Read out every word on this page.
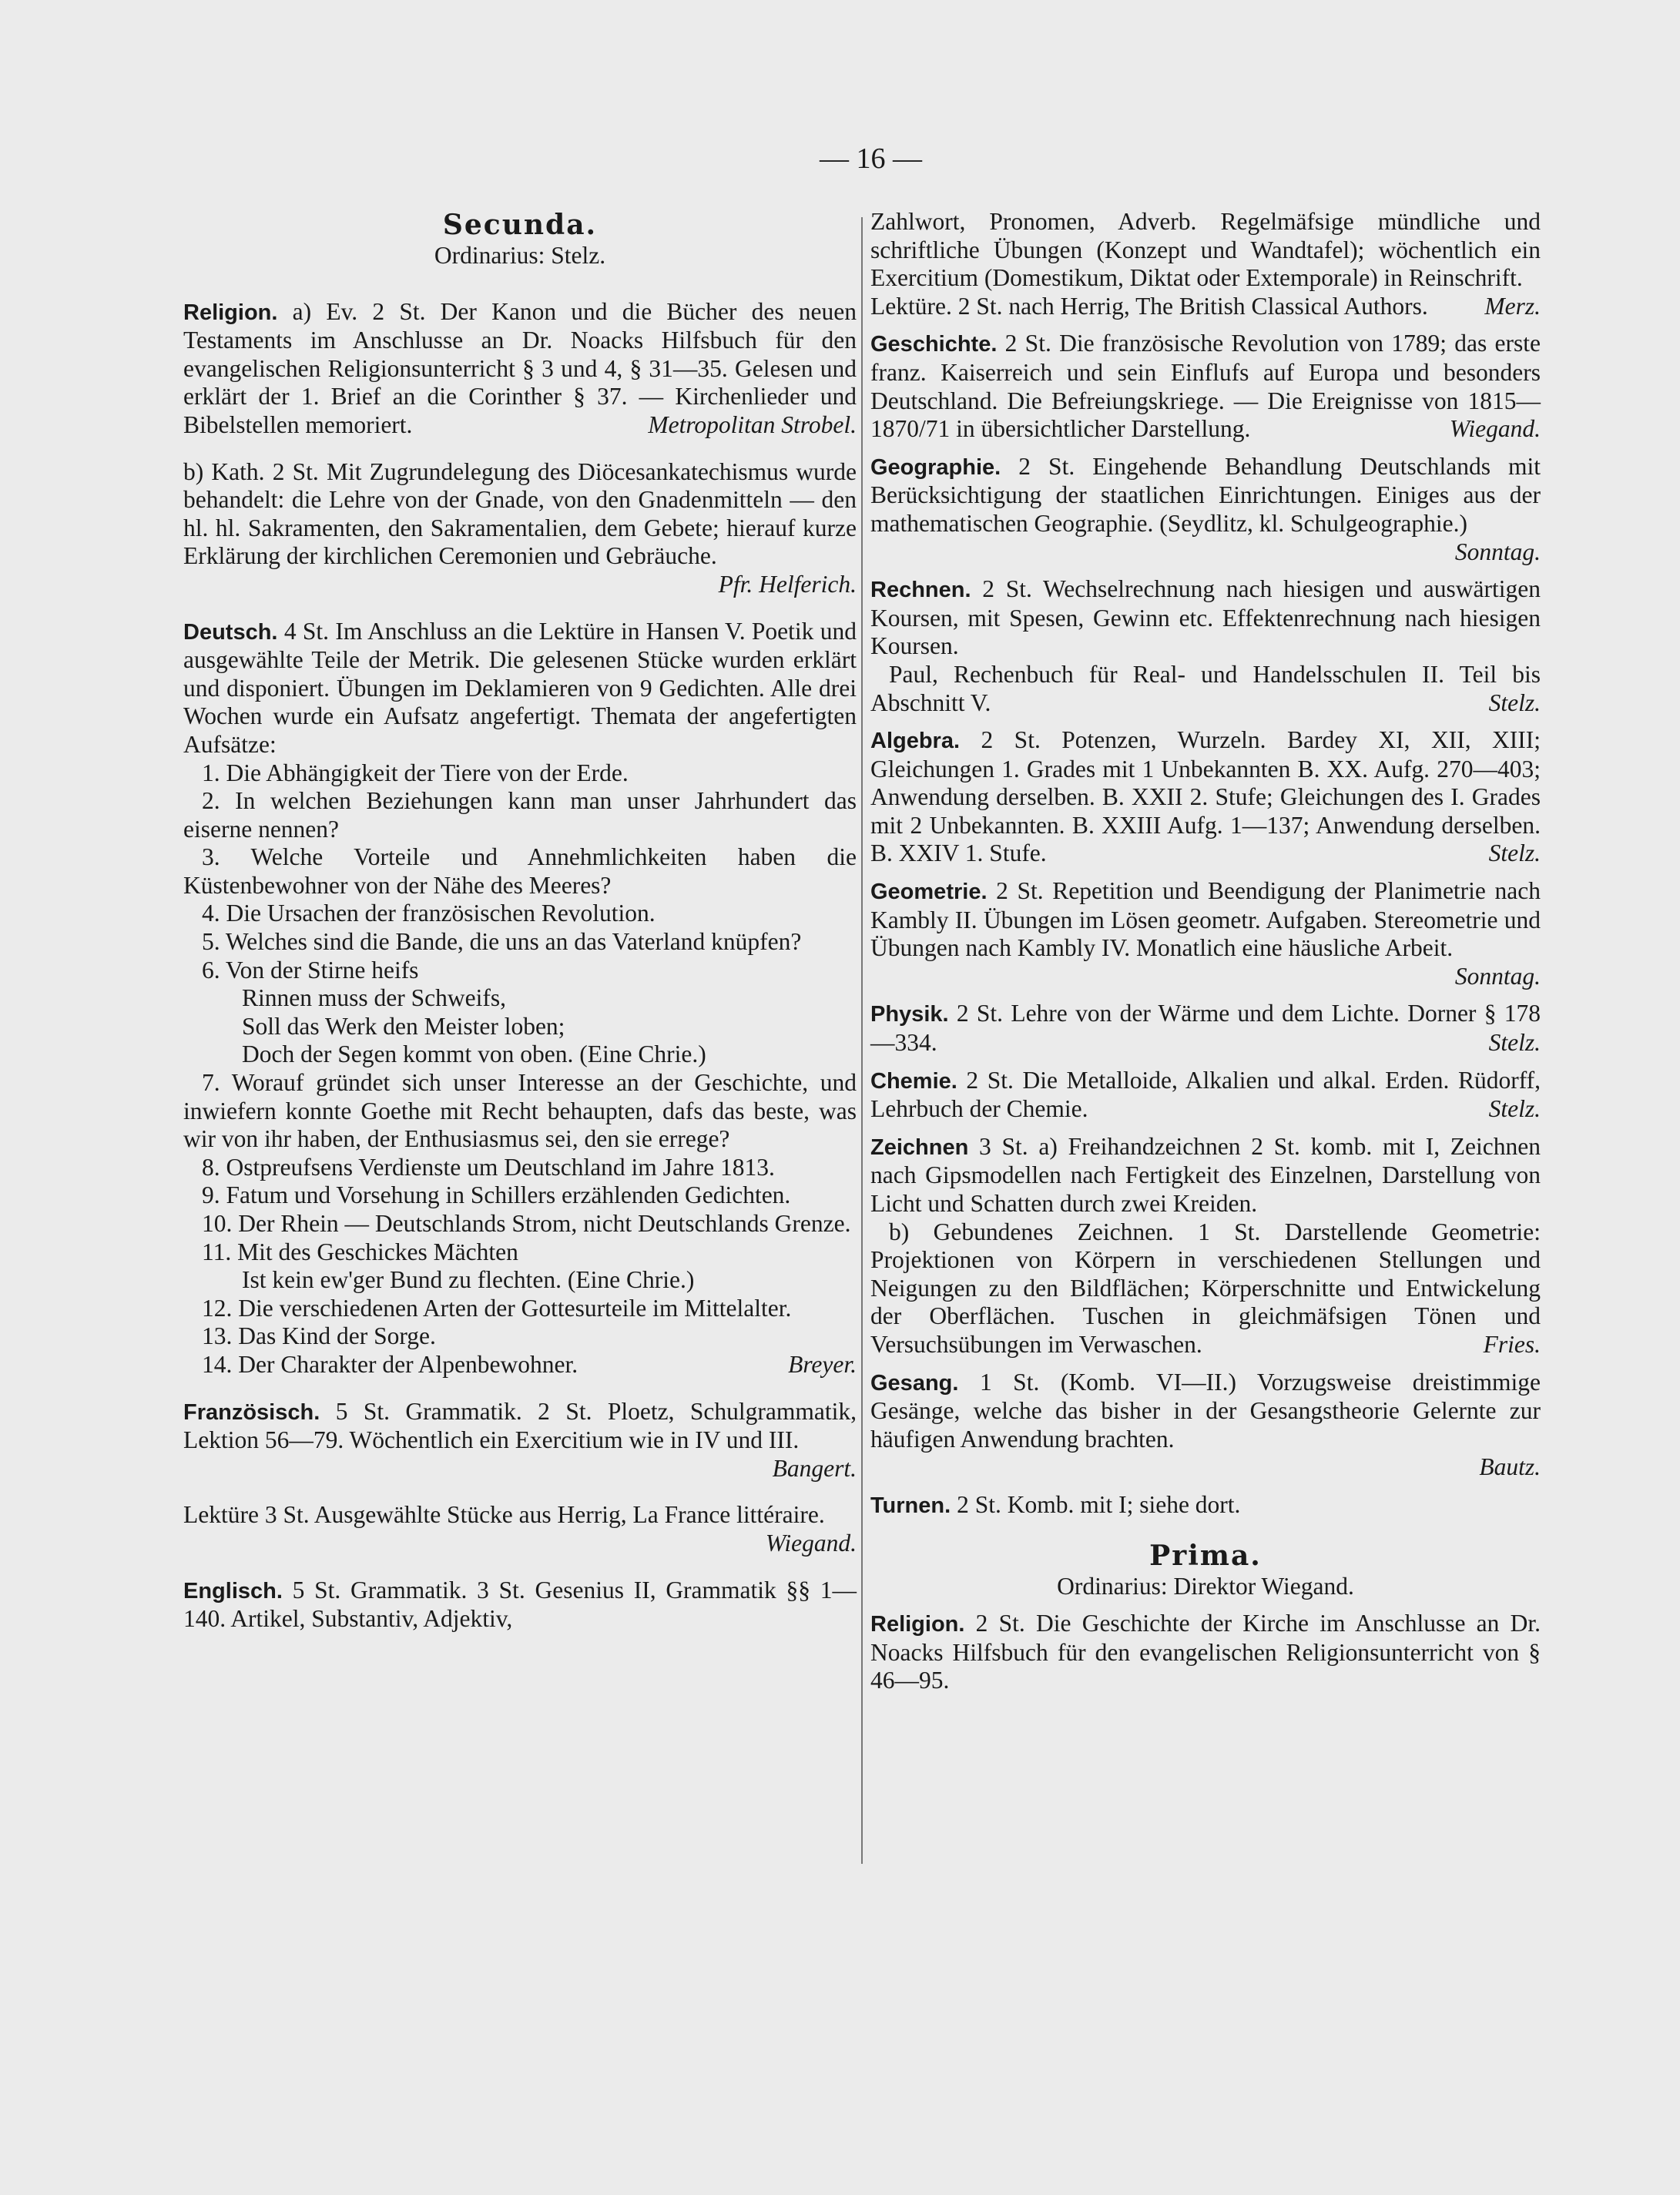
— 16 —
Secunda.

Ordinarius: Stelz.

Religion. a) Ev. 2 St. Der Kanon und die Bücher des neuen Testaments im Anschlusse an Dr. Noacks Hilfsbuch für den evangelischen Religionsunterricht § 3 und 4, § 31—35. Gelesen und erklärt der 1. Brief an die Corinther § 37. — Kirchenlieder und Bibelstellen memoriert.	Metropolitan Strobel.

b) Kath. 2 St. Mit Zugrundelegung des Diöcesankatechismus wurde behandelt: die Lehre von der Gnade, von den Gnadenmitteln — den hl. hl. Sakramenten, den Sakramentalien, dem Gebete; hierauf kurze Erklärung der kirchlichen Ceremonien und Gebräuche.
Pfr. Helferich.

Deutsch. 4 St. Im Anschluss an die Lektüre in Hansen V. Poetik und ausgewählte Teile der Metrik. Die gelesenen Stücke wurden erklärt und disponiert. Übungen im Deklamieren von 9 Gedichten. Alle drei Wochen wurde ein Aufsatz angefertigt. Themata der angefertigten Aufsätze:

1. Die Abhängigkeit der Tiere von der Erde.

2. In welchen Beziehungen kann man unser Jahrhundert das eiserne nennen?

3. Welche Vorteile und Annehmlichkeiten haben die Küstenbewohner von der Nähe des Meeres?

4. Die Ursachen der französischen Revolution.

5. Welches sind die Bande, die uns an das Vaterland knüpfen?

6. Von der Stirne heifs

Rinnen muss der Schweifs,

Soll das Werk den Meister loben;

Doch der Segen kommt von oben. (Eine Chrie.)

7. Worauf gründet sich unser Interesse an der Geschichte, und inwiefern konnte Goethe mit Recht behaupten, dafs das beste, was wir von ihr haben, der Enthusiasmus sei, den sie errege?

8. Ostpreufsens Verdienste um Deutschland im Jahre 1813.

9. Fatum und Vorsehung in Schillers erzählenden Gedichten.

10. Der Rhein — Deutschlands Strom, nicht Deutschlands Grenze.

11. Mit des Geschickes Mächten

Ist kein ew'ger Bund zu flechten. (Eine Chrie.)

12. Die verschiedenen Arten der Gottesurteile im Mittelalter.

13. Das Kind der Sorge.

14. Der Charakter der Alpenbewohner.	Breyer.

Französisch. 5 St. Grammatik. 2 St. Ploetz, Schulgrammatik, Lektion 56—79. Wöchentlich ein Exercitium wie in IV und III.
Bangert.

Lektüre 3 St. Ausgewählte Stücke aus Herrig, La France littéraire.
Wiegand.

Englisch. 5 St. Grammatik. 3 St. Gesenius II, Grammatik §§ 1—140. Artikel, Substantiv, Adjektiv,

Zahlwort, Pronomen, Adverb. Regelmäfsige mündliche und schriftliche Übungen (Konzept und Wandtafel); wöchentlich ein Exercitium (Domestikum, Diktat oder Extemporale) in Reinschrift.

Lektüre. 2 St. nach Herrig, The British Classical Authors. Merz.

Geschichte. 2 St. Die französische Revolution von 1789; das erste franz. Kaiserreich und sein Einflufs auf Europa und besonders Deutschland. Die Befreiungskriege. — Die Ereignisse von 1815—1870/71 in übersichtlicher Darstellung.	Wiegand.

Geographie. 2 St. Eingehende Behandlung Deutschlands mit Berücksichtigung der staatlichen Einrichtungen. Einiges aus der mathematischen Geographie. (Seydlitz, kl. Schulgeographie.)
Sonntag.

Rechnen. 2 St. Wechselrechnung nach hiesigen und auswärtigen Koursen, mit Spesen, Gewinn etc. Effektenrechnung nach hiesigen Koursen.

Paul, Rechenbuch für Real- und Handelsschulen II. Teil bis Abschnitt V.	Stelz.

Algebra. 2 St. Potenzen, Wurzeln. Bardey XI, XII, XIII; Gleichungen 1. Grades mit 1 Unbekannten B. XX. Aufg. 270—403; Anwendung derselben. B. XXII 2. Stufe; Gleichungen des I. Grades mit 2 Unbekannten. B. XXIII Aufg. 1—137; Anwendung derselben. B. XXIV 1. Stufe.	Stelz.

Geometrie. 2 St. Repetition und Beendigung der Planimetrie nach Kambly II. Übungen im Lösen geometr. Aufgaben. Stereometrie und Übungen nach Kambly IV. Monatlich eine häusliche Arbeit.

Sonntag.

Physik. 2 St. Lehre von der Wärme und dem Lichte. Dorner § 178—334.	Stelz.

Chemie. 2 St. Die Metalloide, Alkalien und alkal. Erden. Rüdorff, Lehrbuch der Chemie.	Stelz.

Zeichnen 3 St. a) Freihandzeichnen 2 St. komb. mit I, Zeichnen nach Gipsmodellen nach Fertigkeit des Einzelnen, Darstellung von Licht und Schatten durch zwei Kreiden.

b) Gebundenes Zeichnen. 1 St. Darstellende Geometrie: Projektionen von Körpern in verschiedenen Stellungen und Neigungen zu den Bildflächen; Körperschnitte und Entwickelung der Oberflächen. Tuschen in gleichmäfsigen Tönen und Versuchsübungen im Verwaschen.	Fries.

Gesang. 1 St. (Komb. VI—II.) Vorzugsweise dreistimmige Gesänge, welche das bisher in der Gesangstheorie Gelernte zur häufigen Anwendung brachten.

Bautz.

Turnen. 2 St. Komb. mit I; siehe dort.

Prima.

Ordinarius: Direktor Wiegand.

Religion. 2 St. Die Geschichte der Kirche im Anschlusse an Dr. Noacks Hilfsbuch für den evangelischen Religionsunterricht von § 46—95.
